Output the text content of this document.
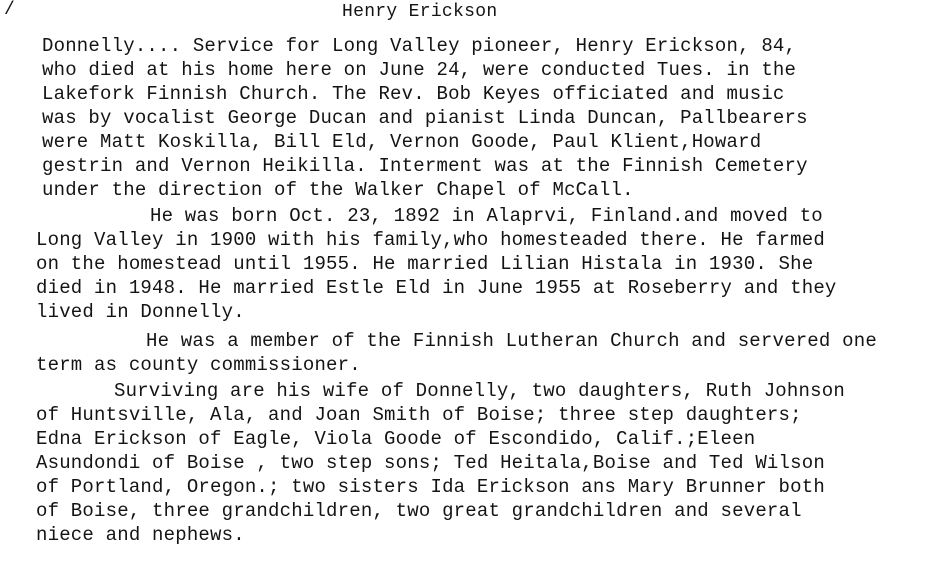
/	Henry Erickson
Donnelly.... Service for Long Valley pioneer, Henry Erickson, 84,
who died at his home here on June 24, were conducted Tues. in the
Lakefork Finnish Church. The Rev. Bob Keyes officiated and music
was by vocalist George Ducan and pianist Linda Duncan, Pallbearers
were Matt Koskilla, Bill Eld, Vernon Goode, Paul Klient,Howard
gestrin and Vernon Heikilla. Interment was at the Finnish Cemetery
under the direction of the Walker Chapel of McCall.
He was born Oct. 23, 1892 in Alaprvi, Finland.and moved to
Long Valley in 1900 with his family,who homesteaded there. He farmed
on the homestead until 1955. He married Lilian Histala in 1930. She
died in 1948. He married Estle Eld in June 1955 at Roseberry and they
lived in Donnelly.
He was a member of the Finnish Lutheran Church and servered one
term as county commissioner.
Surviving are his wife of Donnelly, two daughters, Ruth Johnson
of Huntsville, Ala, and Joan Smith of Boise; three step daughters;
Edna Erickson of Eagle, Viola Goode of Escondido, Calif.;Eleen
Asundondi of Boise , two step sons; Ted Heitala,Boise and Ted Wilson
of Portland, Oregon.; two sisters Ida Erickson ans Mary Brunner both
of Boise, three grandchildren, two great grandchildren and several
niece and nephews.
